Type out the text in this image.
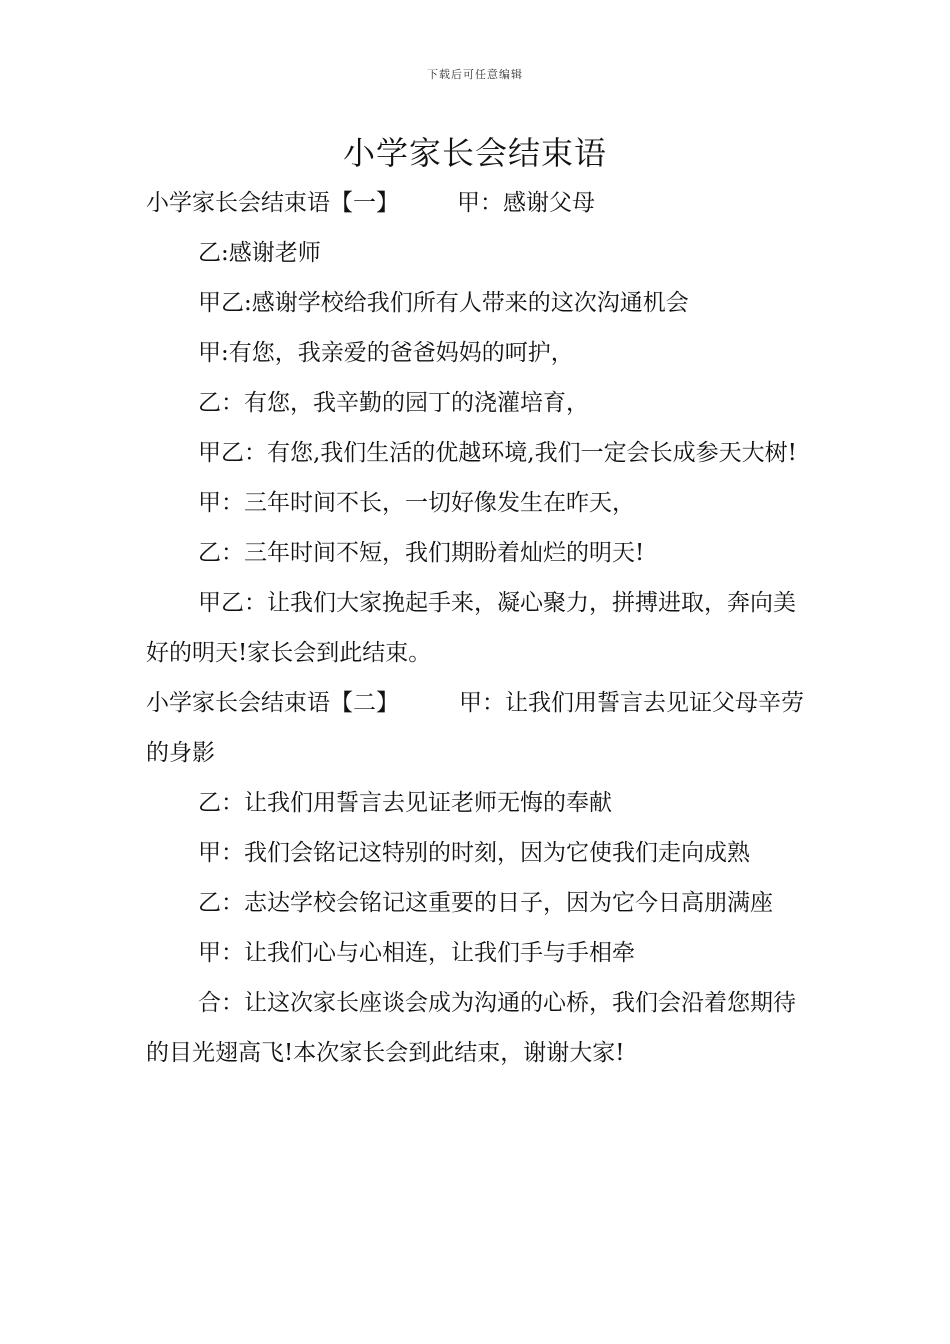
下载后可任意编辑
小学家长会结束语

小学家长会结束语【一】	甲：感谢父母

乙:感谢老师

甲乙:感谢学校给我们所有人带来的这次沟通机会

甲:有您，我亲爱的爸爸妈妈的呵护，

乙：有您，我辛勤的园丁的浇灌培育，

甲乙：有您,我们生活的优越环境,我们一定会长成参天大树!

甲：三年时间不长，一切好像发生在昨天，

乙：三年时间不短，我们期盼着灿烂的明天!

甲乙：让我们大家挽起手来，凝心聚力，拼搏进取，奔向美好的明天!家长会到此结束。

小学家长会结束语【二】	甲：让我们用誓言去见证父母辛劳的身影

乙：让我们用誓言去见证老师无悔的奉献

甲：我们会铭记这特别的时刻，因为它使我们走向成熟

乙：志达学校会铭记这重要的日子，因为它今日高朋满座

甲：让我们心与心相连，让我们手与手相牵

合：让这次家长座谈会成为沟通的心桥，我们会沿着您期待的目光翅高飞!本次家长会到此结束，谢谢大家!
